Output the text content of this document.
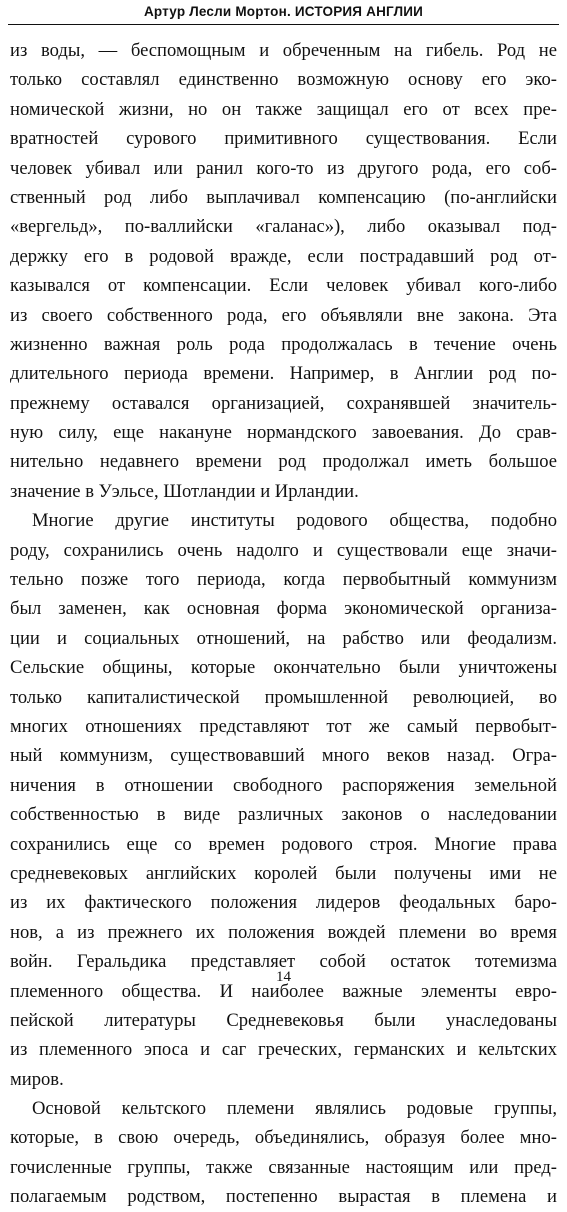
Артур Лесли Мортон. ИСТОРИЯ АНГЛИИ
из воды, — беспомощным и обреченным на гибель. Род не
только составлял единственно возможную основу его эко-
номической жизни, но он также защищал его от всех пре-
вратностей сурового примитивного существования. Если
человек убивал или ранил кого-то из другого рода, его соб-
ственный род либо выплачивал компенсацию (по-английски
«вергельд», по-валлийски «галанас»), либо оказывал под-
держку его в родовой вражде, если пострадавший род от-
казывался от компенсации. Если человек убивал кого-либо
из своего собственного рода, его объявляли вне закона. Эта
жизненно важная роль рода продолжалась в течение очень
длительного периода времени. Например, в Англии род по-
прежнему оставался организацией, сохранявшей значитель-
ную силу, еще накануне нормандского завоевания. До срав-
нительно недавнего времени род продолжал иметь большое
значение в Уэльсе, Шотландии и Ирландии.
Многие другие институты родового общества, подобно
роду, сохранились очень надолго и существовали еще значи-
тельно позже того периода, когда первобытный коммунизм
был заменен, как основная форма экономической организа-
ции и социальных отношений, на рабство или феодализм.
Сельские общины, которые окончательно были уничтожены
только капиталистической промышленной революцией, во
многих отношениях представляют тот же самый первобыт-
ный коммунизм, существовавший много веков назад. Огра-
ничения в отношении свободного распоряжения земельной
собственностью в виде различных законов о наследовании
сохранились еще со времен родового строя. Многие права
средневековых английских королей были получены ими не
из их фактического положения лидеров феодальных баро-
нов, а из прежнего их положения вождей племени во время
войн. Геральдика представляет собой остаток тотемизма
племенного общества. И наиболее важные элементы евро-
пейской литературы Средневековья были унаследованы
из племенного эпоса и саг греческих, германских и кельтских
миров.
Основой кельтского племени являлись родовые группы,
которые, в свою очередь, объединялись, образуя более мно-
гочисленные группы, также связанные настоящим или пред-
полагаемым родством, постепенно вырастая в племена и
14
